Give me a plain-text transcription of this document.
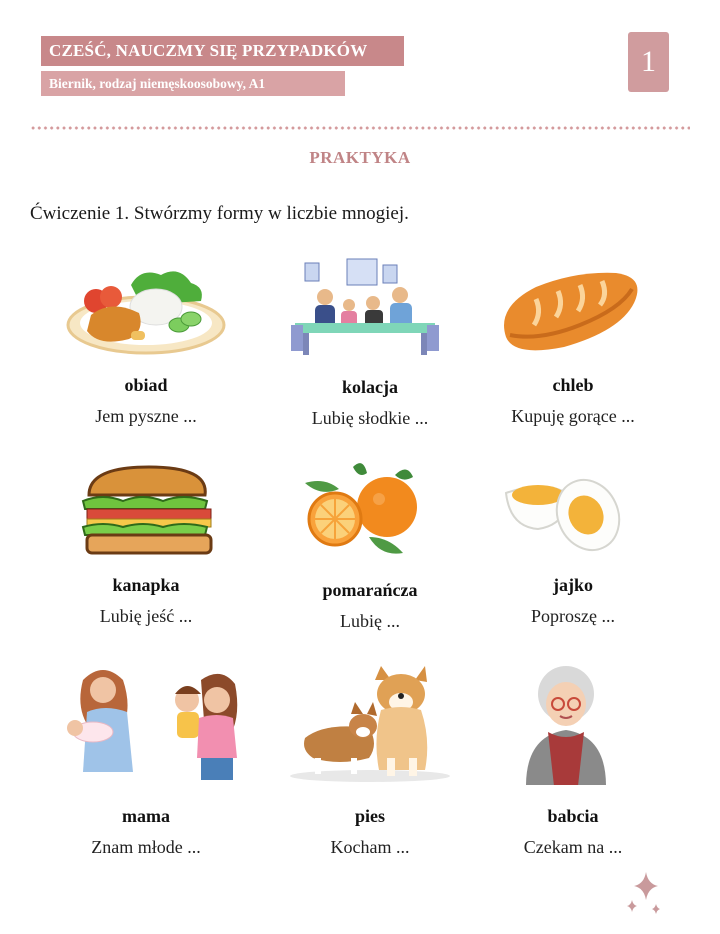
CZEŚĆ, NAUCZMY SIĘ PRZYPADKÓW
Biernik, rodzaj niemęskoosobowy, A1
1
PRAKTYKA
Ćwiczenie 1. Stwórzmy formy w liczbie mnogiej.
obiad
Jem pyszne ...
kolacja
Lubię słodkie ...
chleb
Kupuję gorące ...
kanapka
Lubię jeść ...
pomarańcza
Lubię ...
jajko
Poproszę ...
mama
Znam młode ...
pies
Kocham ...
babcia
Czekam na ...
